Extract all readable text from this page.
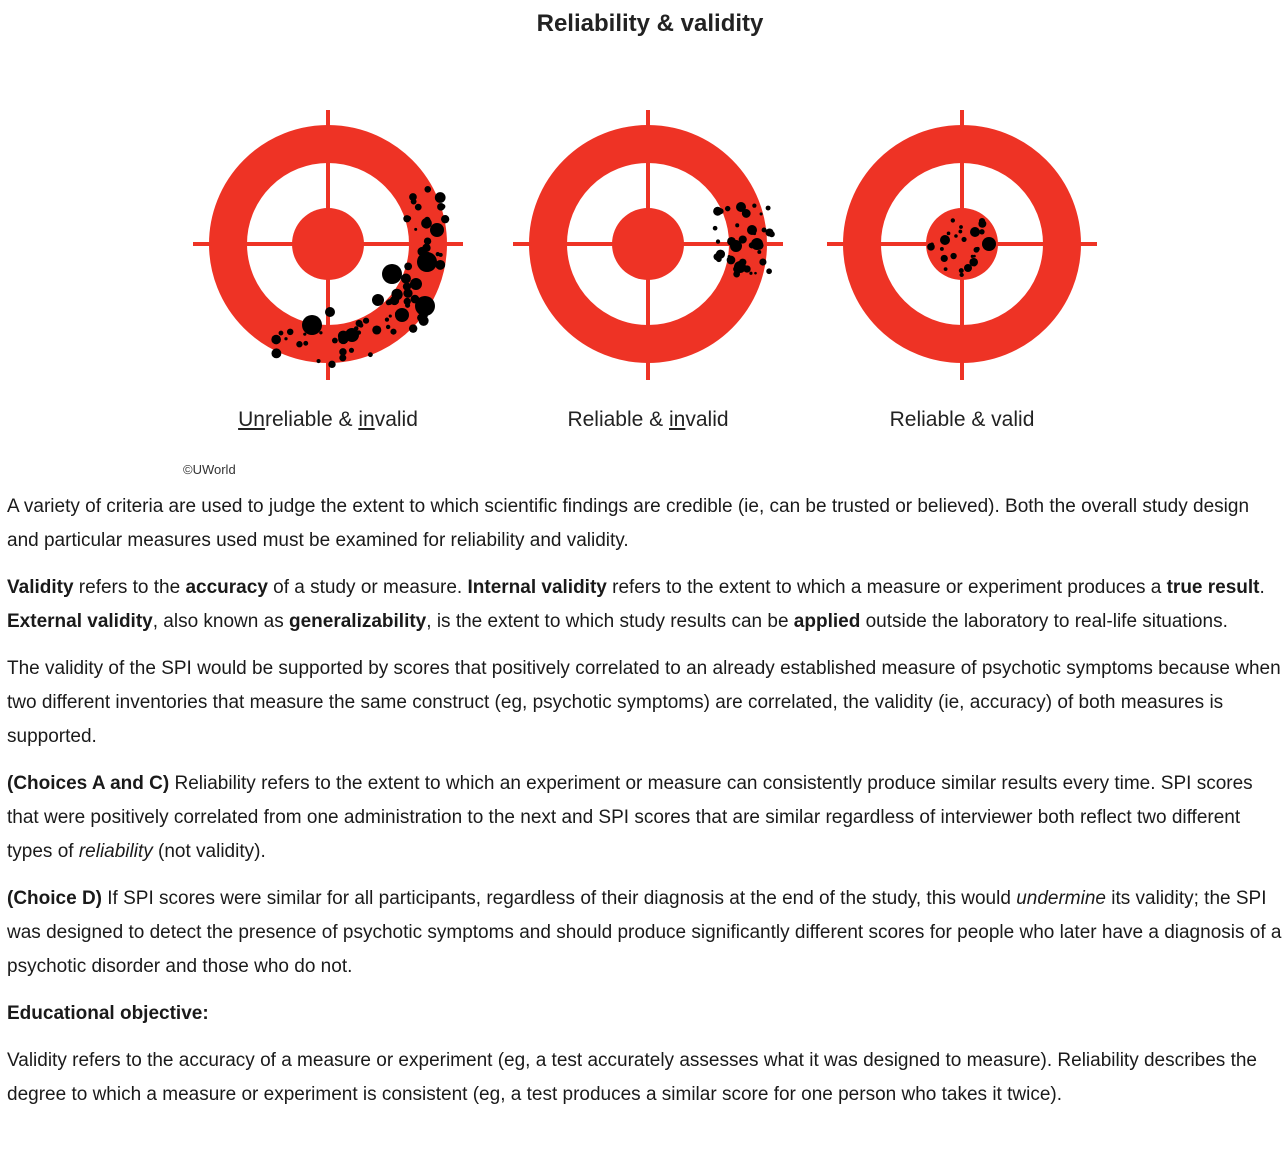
Reliability & validity
Unreliable & invalid	Reliable & invalid	Reliable & valid
©UWorld

A variety of criteria are used to judge the extent to which scientific findings are credible (ie, can be trusted or believed). Both the overall study design and particular measures used must be examined for reliability and validity.

Validity refers to the accuracy of a study or measure. Internal validity refers to the extent to which a measure or experiment produces a true result. External validity, also known as generalizability, is the extent to which study results can be applied outside the laboratory to real-life situations.

The validity of the SPI would be supported by scores that positively correlated to an already established measure of psychotic symptoms because when two different inventories that measure the same construct (eg, psychotic symptoms) are correlated, the validity (ie, accuracy) of both measures is supported.

(Choices A and C) Reliability refers to the extent to which an experiment or measure can consistently produce similar results every time. SPI scores that were positively correlated from one administration to the next and SPI scores that are similar regardless of interviewer both reflect two different types of reliability (not validity).

(Choice D) If SPI scores were similar for all participants, regardless of their diagnosis at the end of the study, this would undermine its validity; the SPI was designed to detect the presence of psychotic symptoms and should produce significantly different scores for people who later have a diagnosis of a psychotic disorder and those who do not.

Educational objective:

Validity refers to the accuracy of a measure or experiment (eg, a test accurately assesses what it was designed to measure). Reliability describes the degree to which a measure or experiment is consistent (eg, a test produces a similar score for one person who takes it twice).
